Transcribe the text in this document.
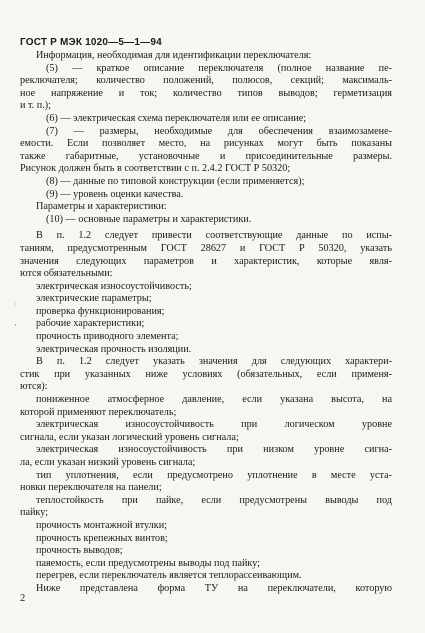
ГОСТ Р МЭК 1020—5—1—94
Информация, необходимая для идентификации переключателя:
(5) — краткое описание переключателя (полное название пе-
реключателя; количество положений, полюсов, секций; максималь-
ное напряжение и ток; количество типов выводов; герметизация
и т. п.);
(6) — электрическая схема переключателя или ее описание;
(7) — размеры, необходимые для обеспечения взаимозамене-
емости. Если позволяет место, на рисунках могут быть показаны
также габаритные, установочные и присоединительные размеры.
Рисунок должен быть в соответствии с п. 2.4.2 ГОСТ Р 50320;
(8) — данные по типовой конструкции (если применяется);
(9) — уровень оценки качества.
Параметры и характеристики:
(10) — основные параметры и характеристики.
В п. 1.2 следует привести соответствующие данные по испы-
таниям, предусмотренным ГОСТ 28627 и ГОСТ Р 50320, указать
значения следующих параметров и характеристик, которые явля-
ются обязательными:
электрическая износоустойчивость;
электрические параметры;
проверка функционирования;
рабочие характеристики;
прочность приводного элемента;
электрическая прочность изоляции.
В п. 1.2 следует указать значения для следующих характери-
стик при указанных ниже условиях (обязательных, если применя-
ются):
пониженное атмосферное давление, если указана высота, на
которой применяют переключатель;
электрическая износоустойчивость при логическом уровне
сигнала, если указан логический уровень сигнала;
электрическая износоустойчивость при низком уровне сигна-
ла, если указан низкий уровень сигнала;
тип уплотнения, если предусмотрено уплотнение в месте уста-
новки переключателя на панели;
теплостойкость при пайке, если предусмотрены выводы под
пайку;
прочность монтажной втулки;
прочность крепежных винтов;
прочность выводов;
паяемость, если предусмотрены выводы под пайку;
перегрев, если переключатель является теплорассеивающим.
Ниже представлена форма ТУ на переключатели, которую
·
‚
2
